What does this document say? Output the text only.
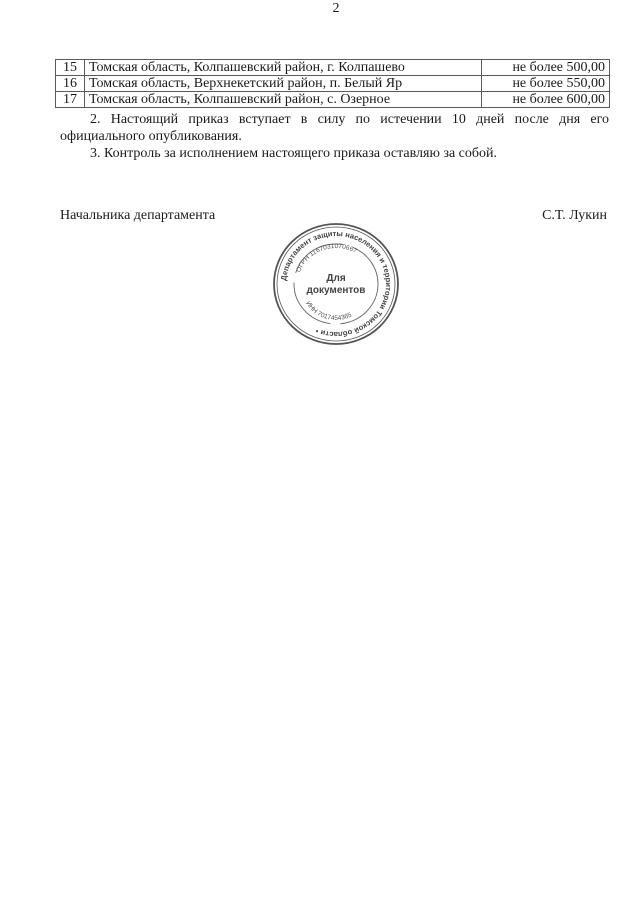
2
15	Томская область, Колпашевский район, г. Колпашево	не более 500,00
16	Томская область, Верхнекетский район, п. Белый Яр	не более 550,00
17	Томская область, Колпашевский район, с. Озерное	не более 600,00

2. Настоящий приказ вступает в силу по истечении 10 дней после дня его официального опубликования.

3. Контроль за исполнением настоящего приказа оставляю за собой.

Начальника департамента	С.Т. Лукин
Департамент защиты населения и территории Томской области •
ОГРН 1167031070667
ИНН 7017454365
Для
документов
